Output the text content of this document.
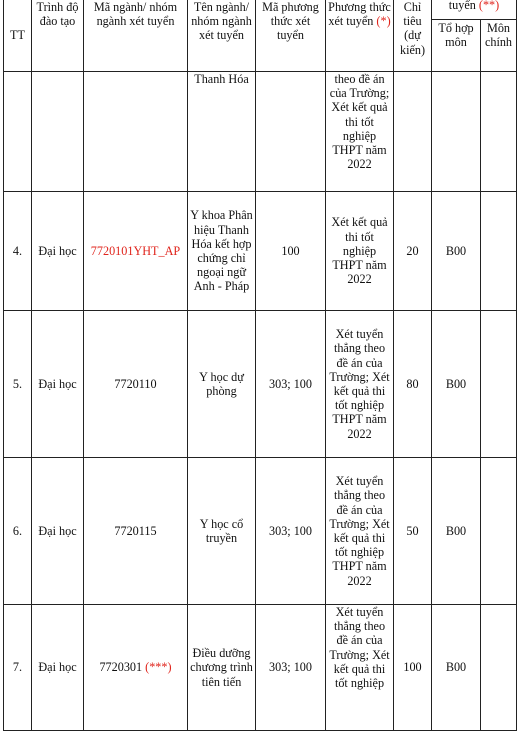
TT	Trình độ đào tạo	Mã ngành/ nhóm ngành xét tuyển	Tên ngành/ nhóm ngành xét tuyển	Mã phương thức xét tuyển	Phương thức xét tuyển (*)	Chỉ tiêu (dự kiến)	tuyển (**)	

							Tổ hợp môn	Môn chính
			Thanh Hóa		theo đề án của Trường; Xét kết quả thi tốt nghiệp THPT năm 2022			
4.	Đại học	7720101YHT_AP	Y khoa Phân hiệu Thanh Hóa kết hợp chứng chỉ ngoại ngữ Anh - Pháp	100	Xét kết quả thi tốt nghiệp THPT năm 2022	20	B00	
5.	Đại học	7720110	Y học dự phòng	303; 100	Xét tuyển thẳng theo đề án của Trường; Xét kết quả thi tốt nghiệp THPT năm 2022	80	B00	
6.	Đại học	7720115	Y học cổ truyền	303; 100	Xét tuyển thẳng theo đề án của Trường; Xét kết quả thi tốt nghiệp THPT năm 2022	50	B00	
7.	Đại học	7720301 (***)	Điều dưỡng chương trình tiên tiến	303; 100	Xét tuyển thẳng theo đề án của Trường; Xét kết quả thi tốt nghiệp	100	B00	
